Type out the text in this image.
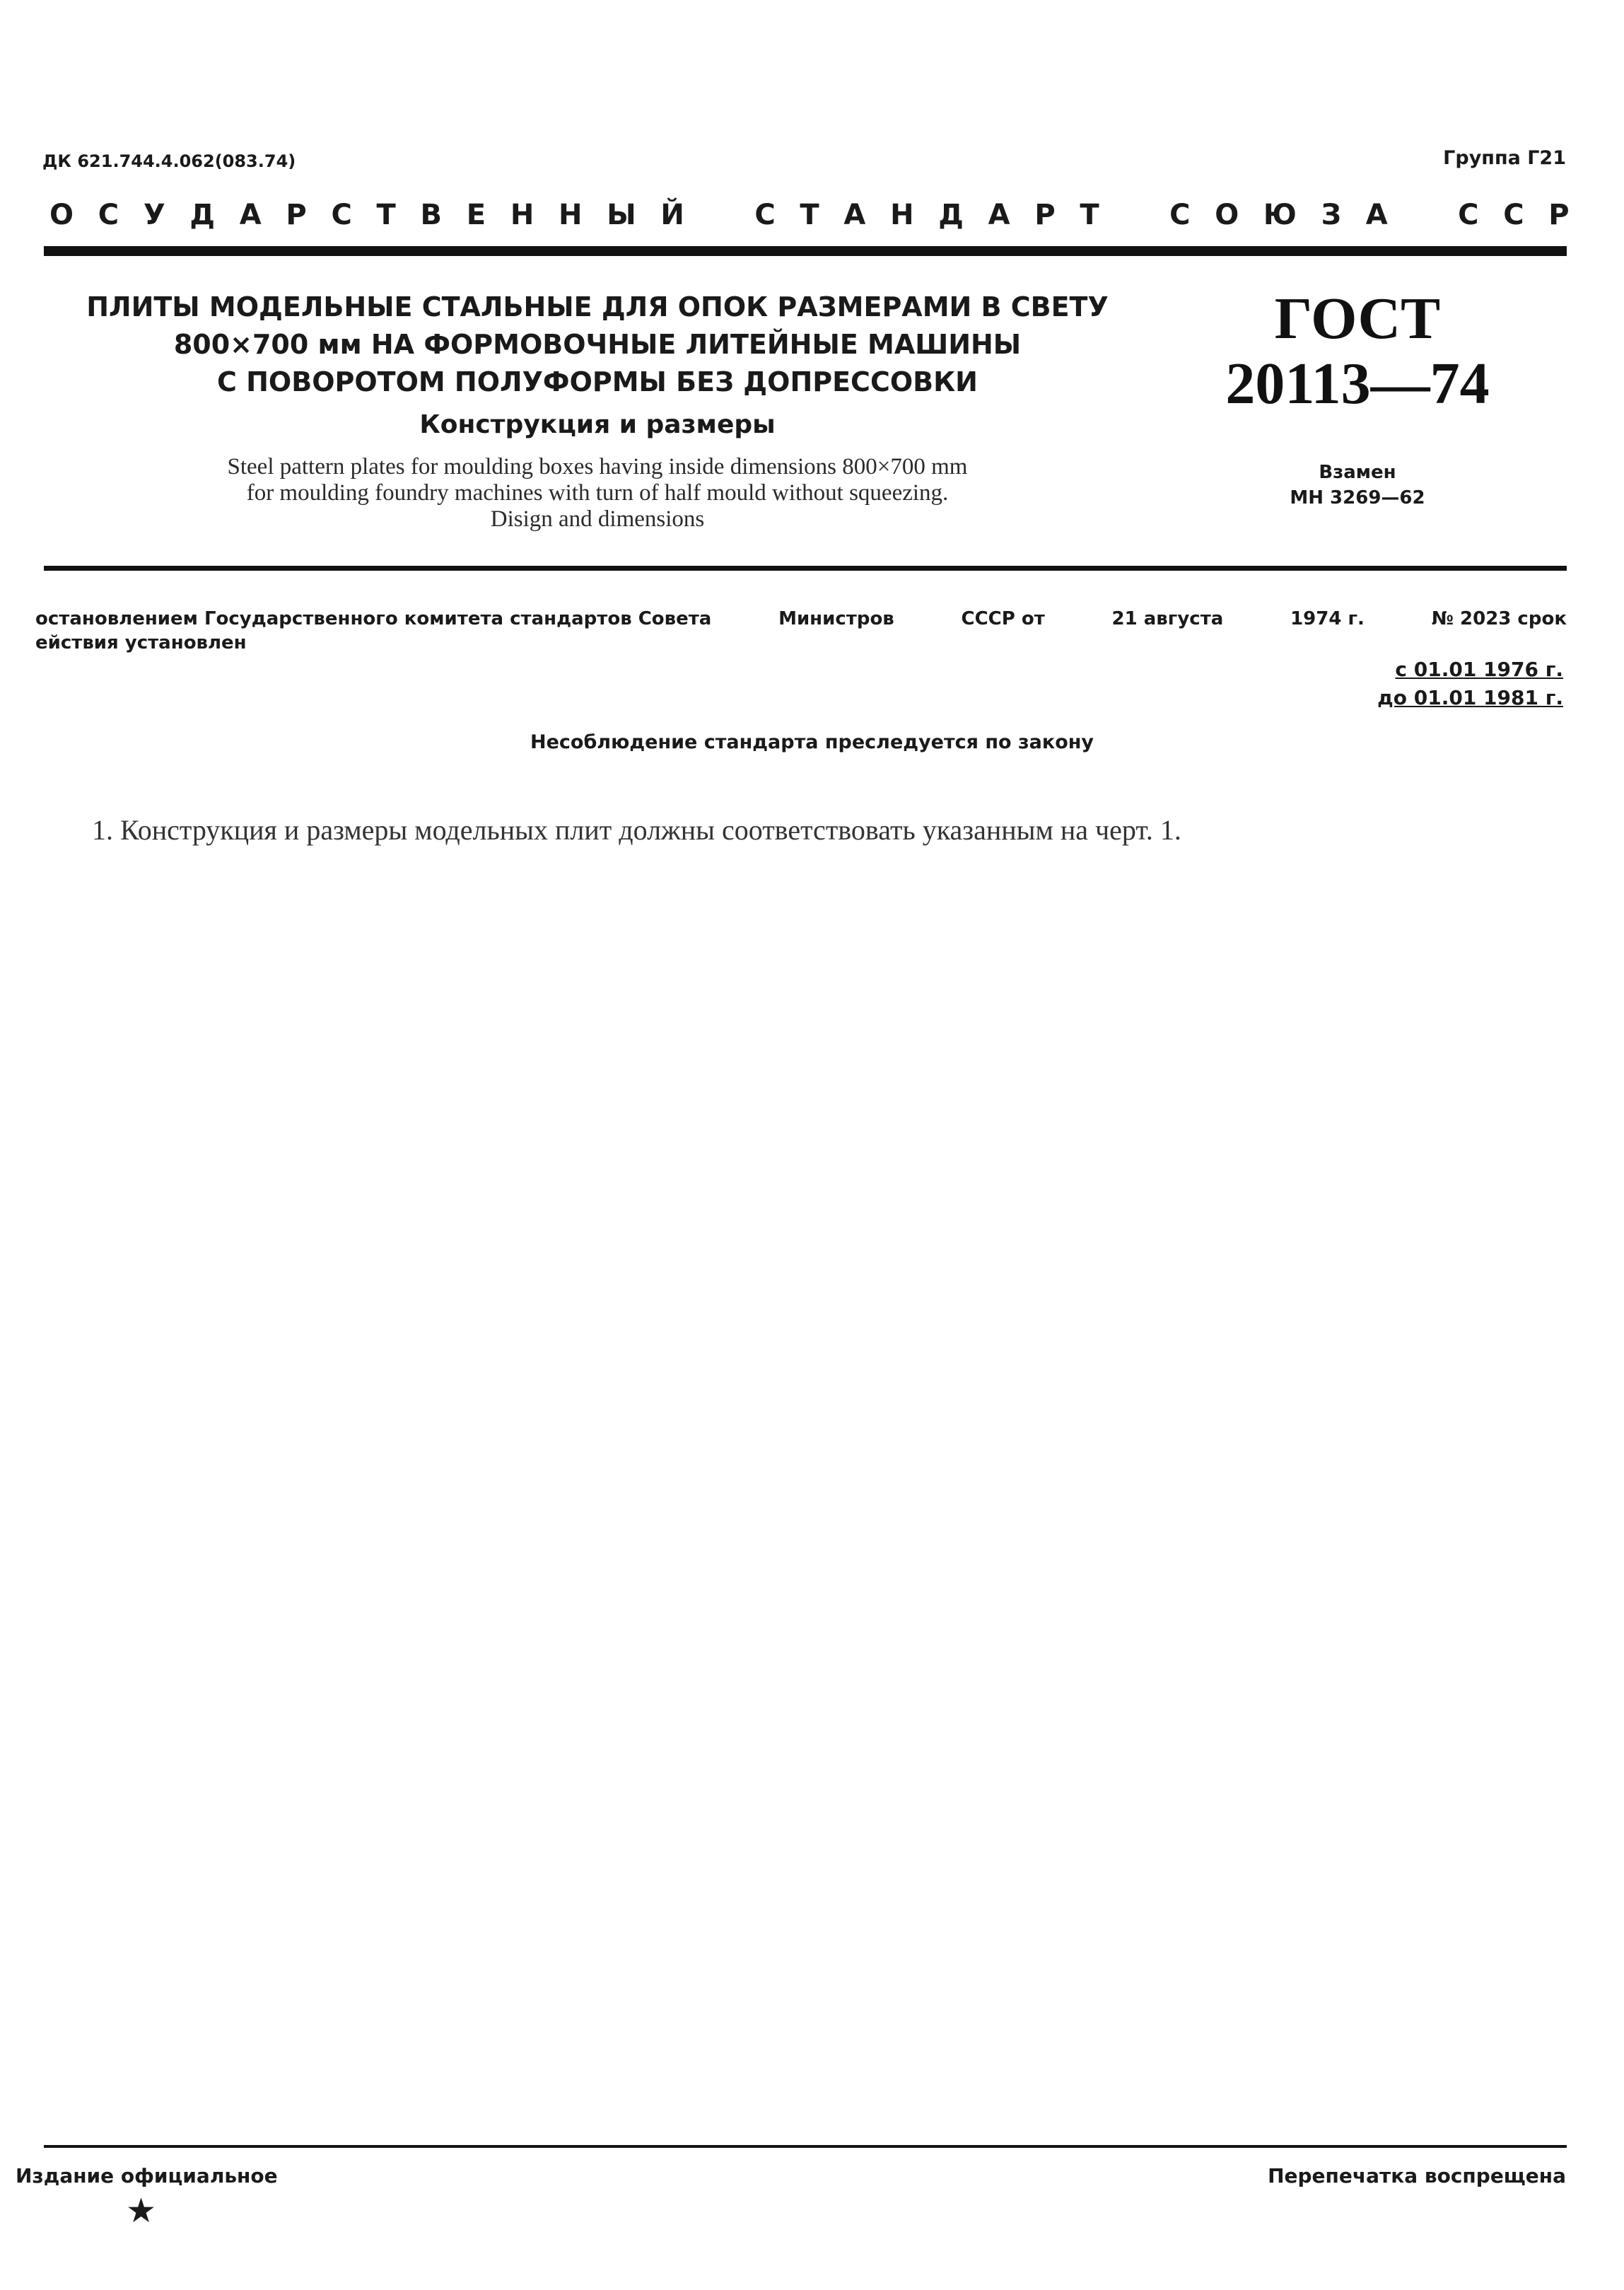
ДК 621.744.4.062(083.74)	Группа Г21
О С У Д А Р С Т В Е Н Н Ы Й С Т А Н Д А Р Т С О Ю З А С С Р
ПЛИТЫ МОДЕЛЬНЫЕ СТАЛЬНЫЕ ДЛЯ ОПОК РАЗМЕРАМИ В СВЕТУ
800×700 мм НА ФОРМОВОЧНЫЕ ЛИТЕЙНЫЕ МАШИНЫ
С ПОВОРОТОМ ПОЛУФОРМЫ БЕЗ ДОПРЕССОВКИ
Конструкция и размеры
Steel pattern plates for moulding boxes having inside dimensions 800×700 mm
for moulding foundry machines with turn of half mould without squeezing.
Disign and dimensions
ГОСТ
20113—74
Взамен
МН 3269—62
остановлением Государственного комитета стандартов Совета	Министров	СССР от	21 августа	1974 г.	№ 2023 срок
ействия установлен
с 01.01 1976 г.
до 01.01 1981 г.
Несоблюдение стандарта преследуется по закону
1. Конструкция и размеры модельных плит должны соответствовать указанным на черт. 1.
Издание официальное
★
Перепечатка воспрещена
